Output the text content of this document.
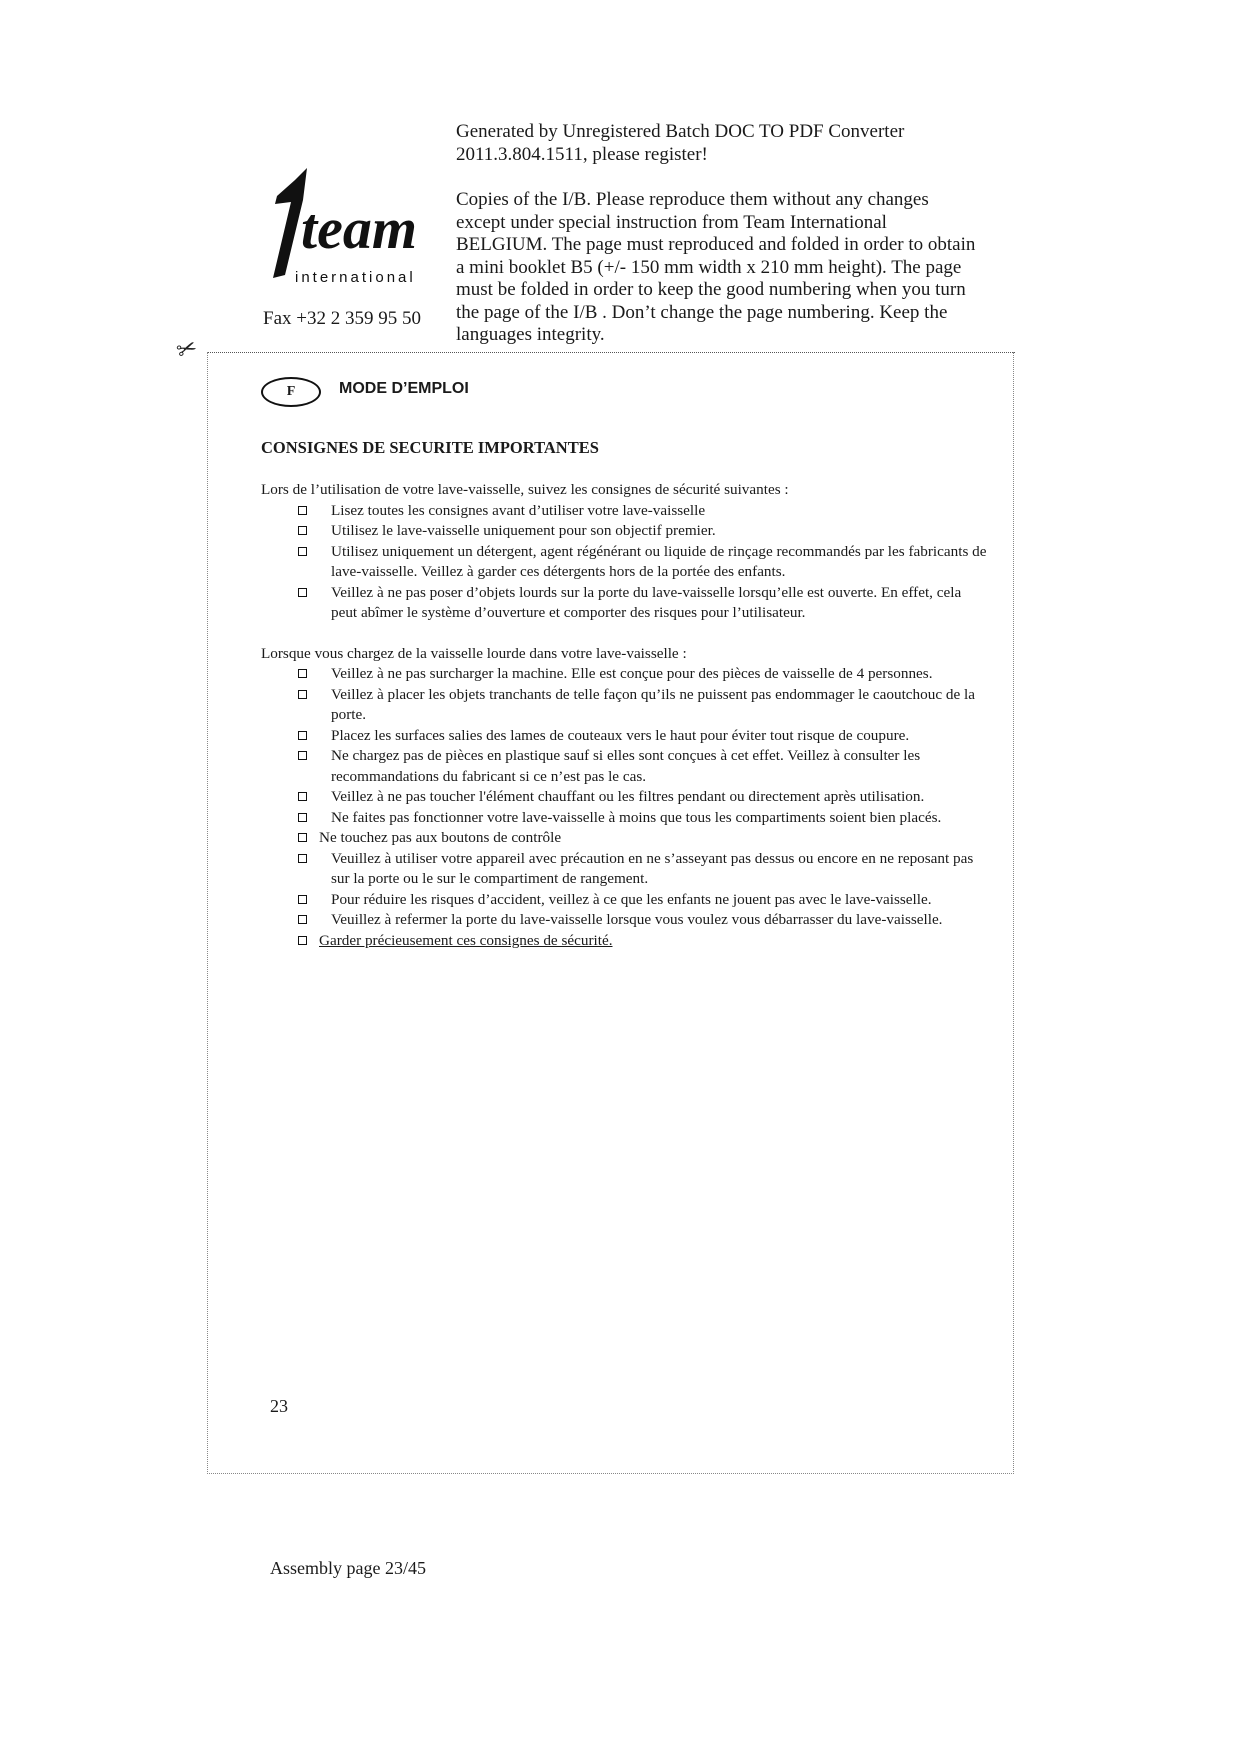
team
international
Fax +32 2 359 95 50

Generated by Unregistered Batch DOC TO PDF Converter
2011.3.804.1511, please register!

Copies of the I/B. Please reproduce them without any changes except under special instruction from Team International BELGIUM. The page must reproduced and folded in order to obtain a mini booklet B5 (+/- 150 mm width x 210 mm height). The page must be folded in order to keep the good numbering when you turn the page of the I/B . Don’t change the page numbering. Keep the languages integrity.

✂
F	MODE D’EMPLOI
CONSIGNES DE SECURITE IMPORTANTES

Lors de l’utilisation de votre lave-vaisselle, suivez les consignes de sécurité suivantes :

Lisez toutes les consignes avant d’utiliser votre lave-vaisselle
Utilisez le lave-vaisselle uniquement pour son objectif premier.
Utilisez uniquement un détergent, agent régénérant ou liquide de rinçage recommandés par les fabricants de lave-vaisselle. Veillez à garder ces détergents hors de la portée des enfants.
Veillez à ne pas poser d’objets lourds sur la porte du lave-vaisselle lorsqu’elle est ouverte. En effet, cela peut abîmer le système d’ouverture et comporter des risques pour l’utilisateur.

Lorsque vous chargez de la vaisselle lourde dans votre lave-vaisselle :

Veillez à ne pas surcharger la machine. Elle est conçue pour des pièces de vaisselle de 4 personnes.
Veillez à placer les objets tranchants de telle façon qu’ils ne puissent pas endommager le caoutchouc de la porte.
Placez les surfaces salies des lames de couteaux vers le haut pour éviter tout risque de coupure.
Ne chargez pas de pièces en plastique sauf si elles sont conçues à cet effet. Veillez à consulter les recommandations du fabricant si ce n’est pas le cas.
Veillez à ne pas toucher l'élément chauffant ou les filtres pendant ou directement après utilisation.
Ne faites pas fonctionner votre lave-vaisselle à moins que tous les compartiments soient bien placés.
Ne touchez pas aux boutons de contrôle
Veuillez à utiliser votre appareil avec précaution en ne s’asseyant pas dessus ou encore en ne reposant pas sur la porte ou le sur le compartiment de rangement.
Pour réduire les risques d’accident, veillez à ce que les enfants ne jouent pas avec le lave-vaisselle.
Veuillez à refermer la porte du lave-vaisselle lorsque vous voulez vous débarrasser du lave-vaisselle.
Garder précieusement ces consignes de sécurité.
23
Assembly page 23/45
